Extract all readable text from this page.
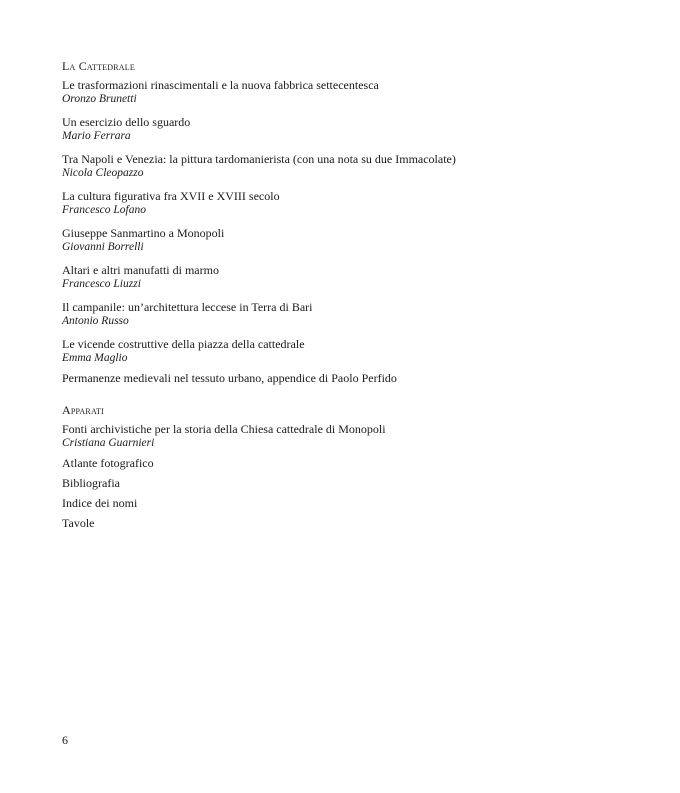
La Cattedrale
Le trasformazioni rinascimentali e la nuova fabbrica settecentesca
Oronzo Brunetti
Un esercizio dello sguardo
Mario Ferrara
Tra Napoli e Venezia: la pittura tardomanierista (con una nota su due Immacolate)
Nicola Cleopazzo
La cultura figurativa fra XVII e XVIII secolo
Francesco Lofano
Giuseppe Sanmartino a Monopoli
Giovanni Borrelli
Altari e altri manufatti di marmo
Francesco Liuzzi
Il campanile: un’architettura leccese in Terra di Bari
Antonio Russo
Le vicende costruttive della piazza della cattedrale
Emma Maglio
Permanenze medievali nel tessuto urbano, appendice di Paolo Perfido
Apparati
Fonti archivistiche per la storia della Chiesa cattedrale di Monopoli
Cristiana Guarnieri
Atlante fotografico
Bibliografia
Indice dei nomi
Tavole
6
